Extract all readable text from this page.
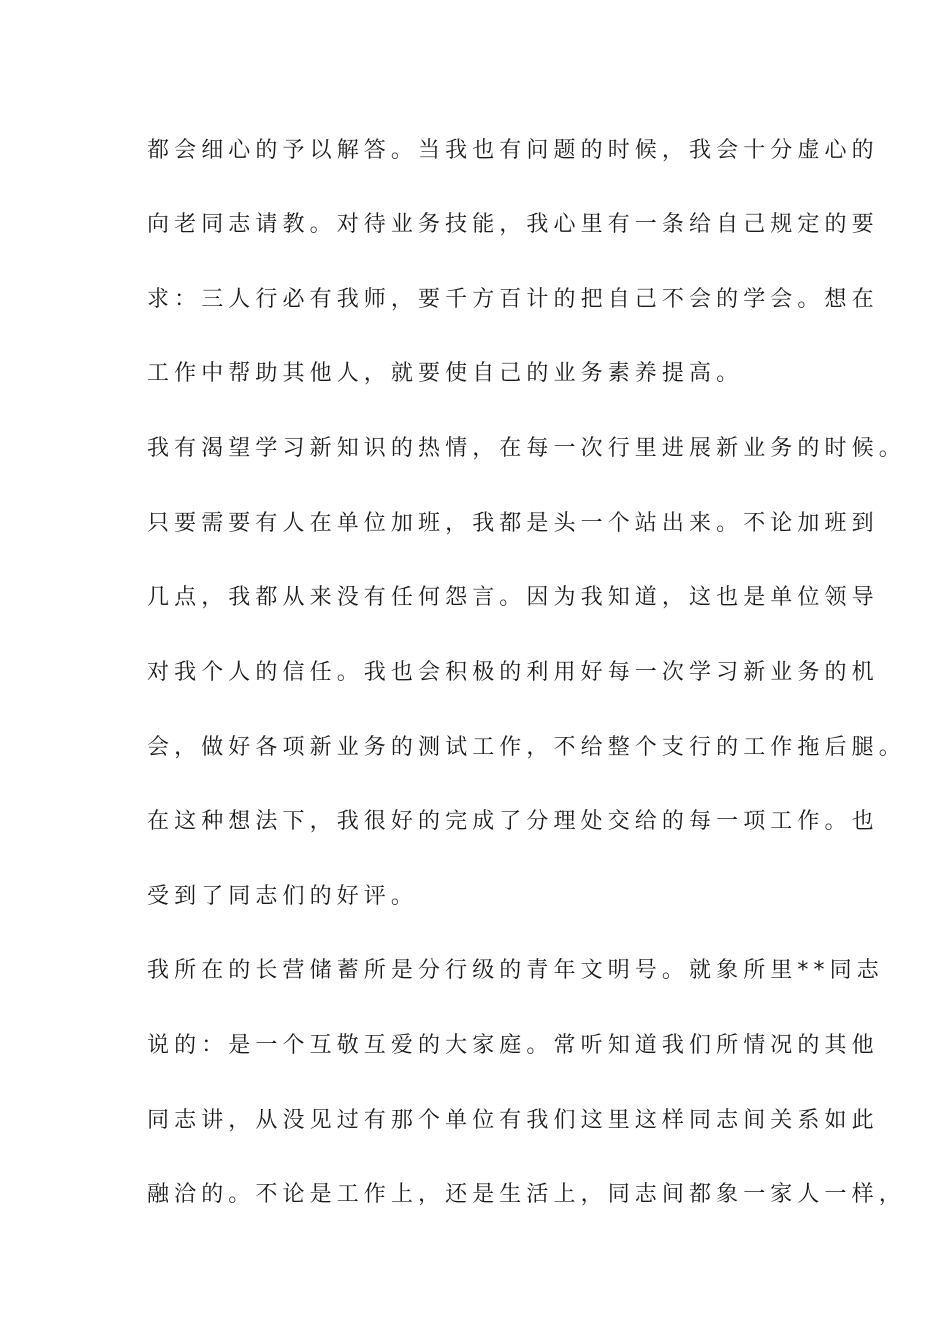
都会细心的予以解答。当我也有问题的时候，我会十分虚心的
向老同志请教。对待业务技能，我心里有一条给自己规定的要
求：三人行必有我师，要千方百计的把自己不会的学会。想在
工作中帮助其他人，就要使自己的业务素养提高。
我有渴望学习新知识的热情，在每一次行里进展新业务的时候。
只要需要有人在单位加班，我都是头一个站出来。不论加班到
几点，我都从来没有任何怨言。因为我知道，这也是单位领导
对我个人的信任。我也会积极的利用好每一次学习新业务的机
会，做好各项新业务的测试工作，不给整个支行的工作拖后腿。
在这种想法下，我很好的完成了分理处交给的每一项工作。也
受到了同志们的好评。
我所在的长营储蓄所是分行级的青年文明号。就象所里**同志
说的：是一个互敬互爱的大家庭。常听知道我们所情况的其他
同志讲，从没见过有那个单位有我们这里这样同志间关系如此
融洽的。不论是工作上，还是生活上，同志间都象一家人一样，
